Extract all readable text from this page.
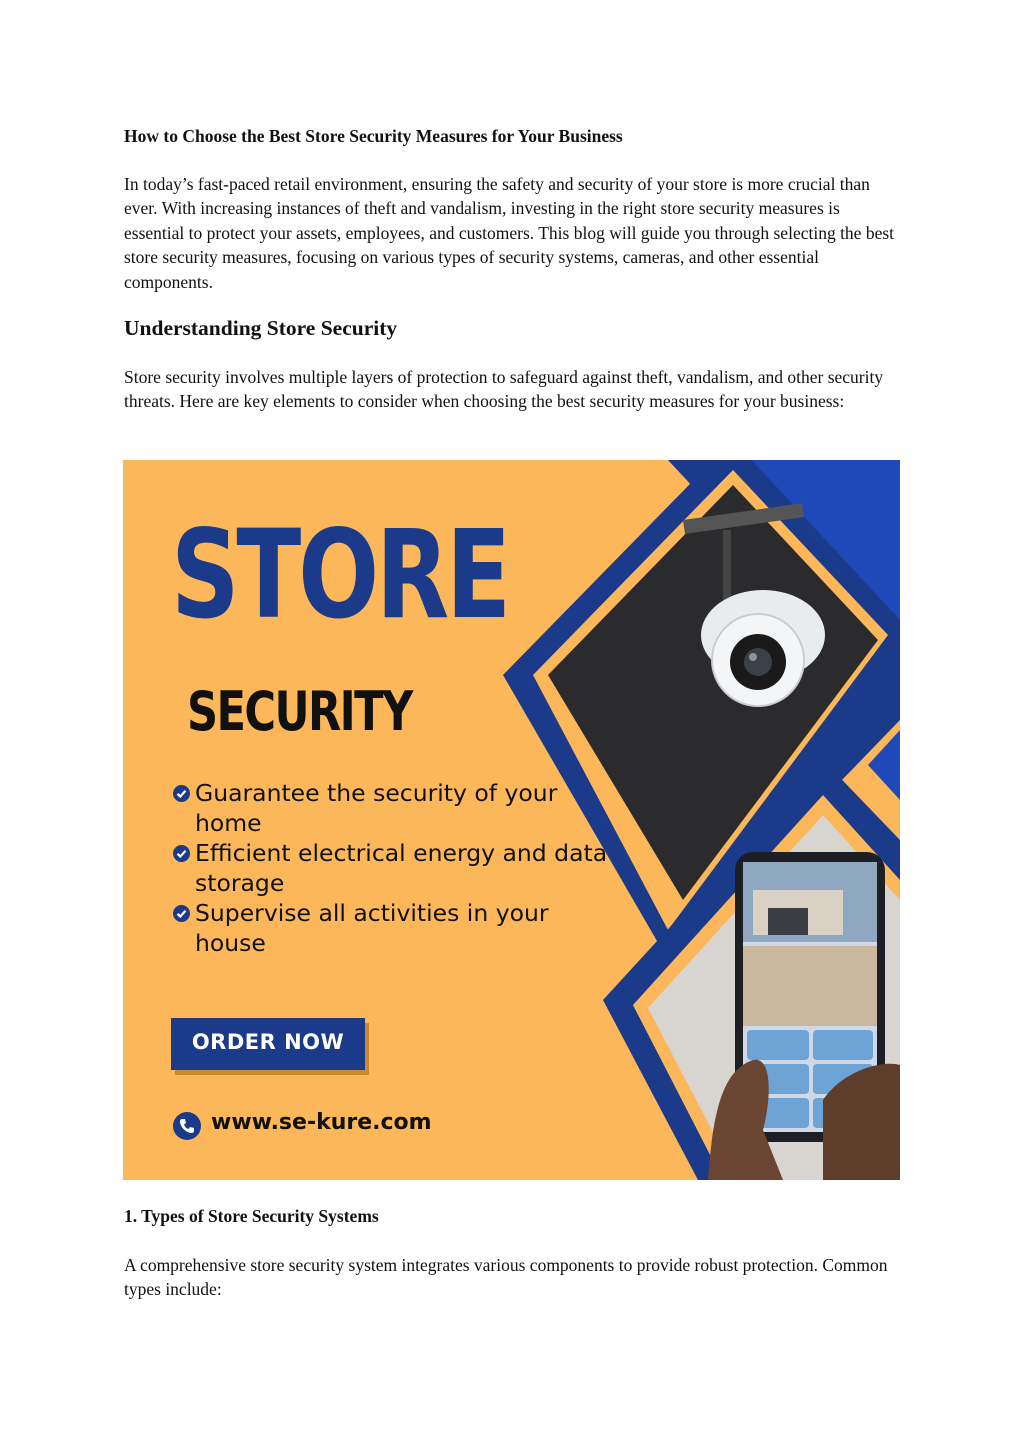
How to Choose the Best Store Security Measures for Your Business

In today’s fast-paced retail environment, ensuring the safety and security of your store is more crucial than ever. With increasing instances of theft and vandalism, investing in the right store security measures is essential to protect your assets, employees, and customers. This blog will guide you through selecting the best store security measures, focusing on various types of security systems, cameras, and other essential components.

Understanding Store Security

Store security involves multiple layers of protection to safeguard against theft, vandalism, and other security threats. Here are key elements to consider when choosing the best security measures for your business:

STORE
SECURITY
Guarantee the security of your home
Efficient electrical energy and data storage
Supervise all activities in your house
ORDER NOW
www.se-kure.com
1. Types of Store Security Systems

A comprehensive store security system integrates various components to provide robust protection. Common types include:
